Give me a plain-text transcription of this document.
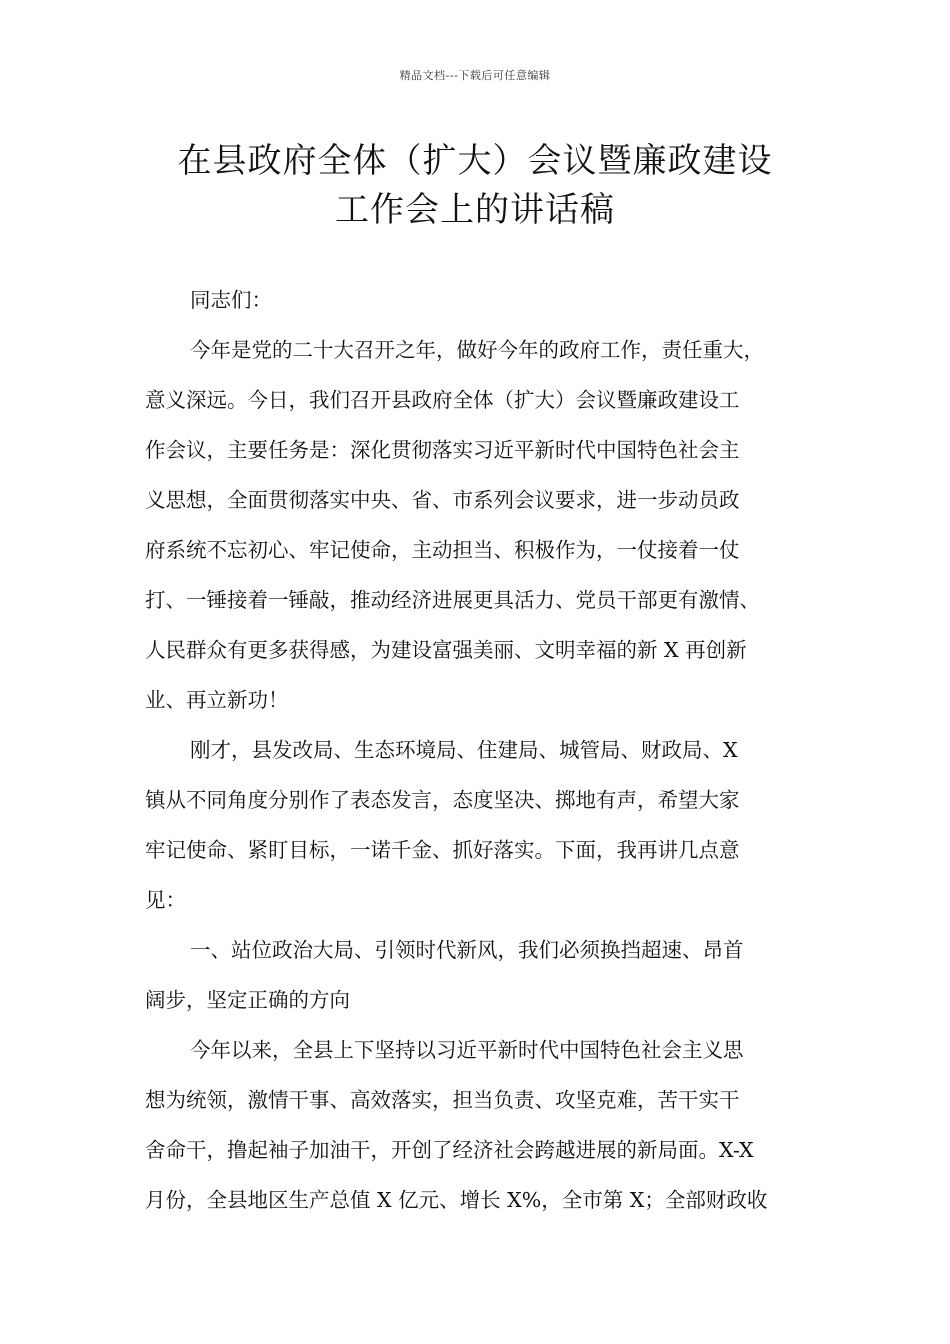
精品文档---下载后可任意编辑
在县政府全体（扩大）会议暨廉政建设
工作会上的讲话稿
同志们：
今年是党的二十大召开之年，做好今年的政府工作，责任重大，
意义深远。今日，我们召开县政府全体（扩大）会议暨廉政建设工
作会议，主要任务是：深化贯彻落实习近平新时代中国特色社会主
义思想，全面贯彻落实中央、省、市系列会议要求，进一步动员政
府系统不忘初心、牢记使命，主动担当、积极作为，一仗接着一仗
打、一锤接着一锤敲，推动经济进展更具活力、党员干部更有激情、
人民群众有更多获得感，为建设富强美丽、文明幸福的新 X 再创新
业、再立新功！
刚才，县发改局、生态环境局、住建局、城管局、财政局、X
镇从不同角度分别作了表态发言，态度坚决、掷地有声，希望大家
牢记使命、紧盯目标，一诺千金、抓好落实。下面，我再讲几点意
见：
一、站位政治大局、引领时代新风，我们必须换挡超速、昂首
阔步，坚定正确的方向
今年以来，全县上下坚持以习近平新时代中国特色社会主义思
想为统领，激情干事、高效落实，担当负责、攻坚克难，苦干实干
舍命干，撸起袖子加油干，开创了经济社会跨越进展的新局面。X-X
月份，全县地区生产总值 X 亿元、增长 X%，全市第 X；全部财政收
